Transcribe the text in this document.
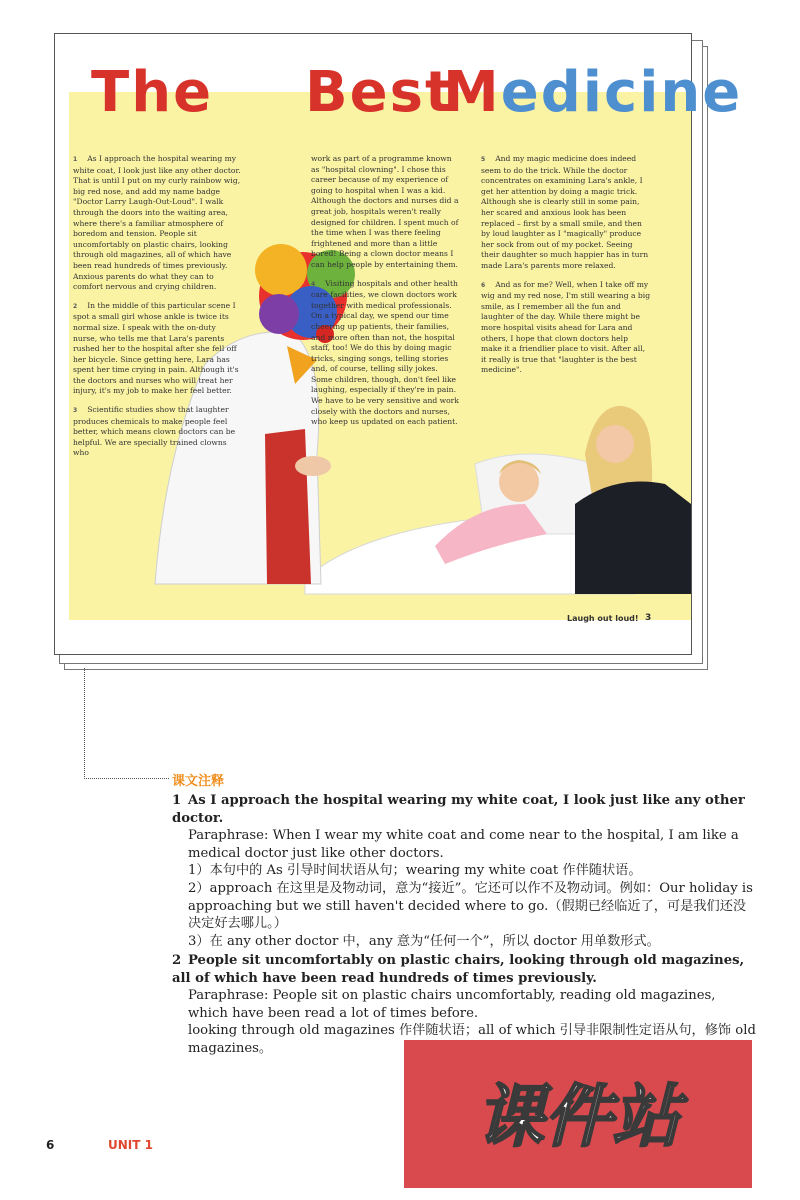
The Best
Medicine

1 As I approach the hospital wearing my white coat, I look just like any other doctor. That is until I put on my curly rainbow wig, big red nose, and add my name badge "Doctor Larry Laugh-Out-Loud". I walk through the doors into the waiting area, where there's a familiar atmosphere of boredom and tension. People sit uncomfortably on plastic chairs, looking through old magazines, all of which have been read hundreds of times previously. Anxious parents do what they can to comfort nervous and crying children.

2 In the middle of this particular scene I spot a small girl whose ankle is twice its normal size. I speak with the on-duty nurse, who tells me that Lara's parents rushed her to the hospital after she fell off her bicycle. Since getting here, Lara has spent her time crying in pain. Although it's the doctors and nurses who will treat her injury, it's my job to make her feel better.

3 Scientific studies show that laughter produces chemicals to make people feel better, which means clown doctors can be helpful. We are specially trained clowns who

work as part of a programme known as "hospital clowning". I chose this career because of my experience of going to hospital when I was a kid. Although the doctors and nurses did a great job, hospitals weren't really designed for children. I spent much of the time when I was there feeling frightened and more than a little bored! Being a clown doctor means I can help people by entertaining them.

4 Visiting hospitals and other health care facilities, we clown doctors work together with medical professionals. On a typical day, we spend our time cheering up patients, their families, and more often than not, the hospital staff, too! We do this by doing magic tricks, singing songs, telling stories and, of course, telling silly jokes. Some children, though, don't feel like laughing, especially if they're in pain. We have to be very sensitive and work closely with the doctors and nurses, who keep us updated on each patient.

5 And my magic medicine does indeed seem to do the trick. While the doctor concentrates on examining Lara's ankle, I get her attention by doing a magic trick. Although she is clearly still in some pain, her scared and anxious look has been replaced – first by a small smile, and then by loud laughter as I "magically" produce her sock from out of my pocket. Seeing their daughter so much happier has in turn made Lara's parents more relaxed.

6 And as for me? Well, when I take off my wig and my red nose, I'm still wearing a big smile, as I remember all the fun and laughter of the day. While there might be more hospital visits ahead for Lara and others, I hope that clown doctors help make it a friendlier place to visit. After all, it really is true that "laughter is the best medicine".

Laugh out loud! 3
课文注释
1 As I approach the hospital wearing my white coat, I look just like any other doctor.
Paraphrase: When I wear my white coat and come near to the hospital, I am like a medical doctor just like other doctors.
1）本句中的 As 引导时间状语从句；wearing my white coat 作伴随状语。
2）approach 在这里是及物动词，意为“接近”。它还可以作不及物动词。例如：Our holiday is approaching but we still haven't decided where to go.（假期已经临近了，可是我们还没决定好去哪儿。）
3）在 any other doctor 中，any 意为“任何一个”，所以 doctor 用单数形式。
2 People sit uncomfortably on plastic chairs, looking through old magazines, all of which have been read hundreds of times previously.
Paraphrase: People sit on plastic chairs uncomfortably, reading old magazines, which have been read a lot of times before.
looking through old magazines 作伴随状语；all of which 引导非限制性定语从句，修饰 old magazines。
6	UNIT 1	课件站
